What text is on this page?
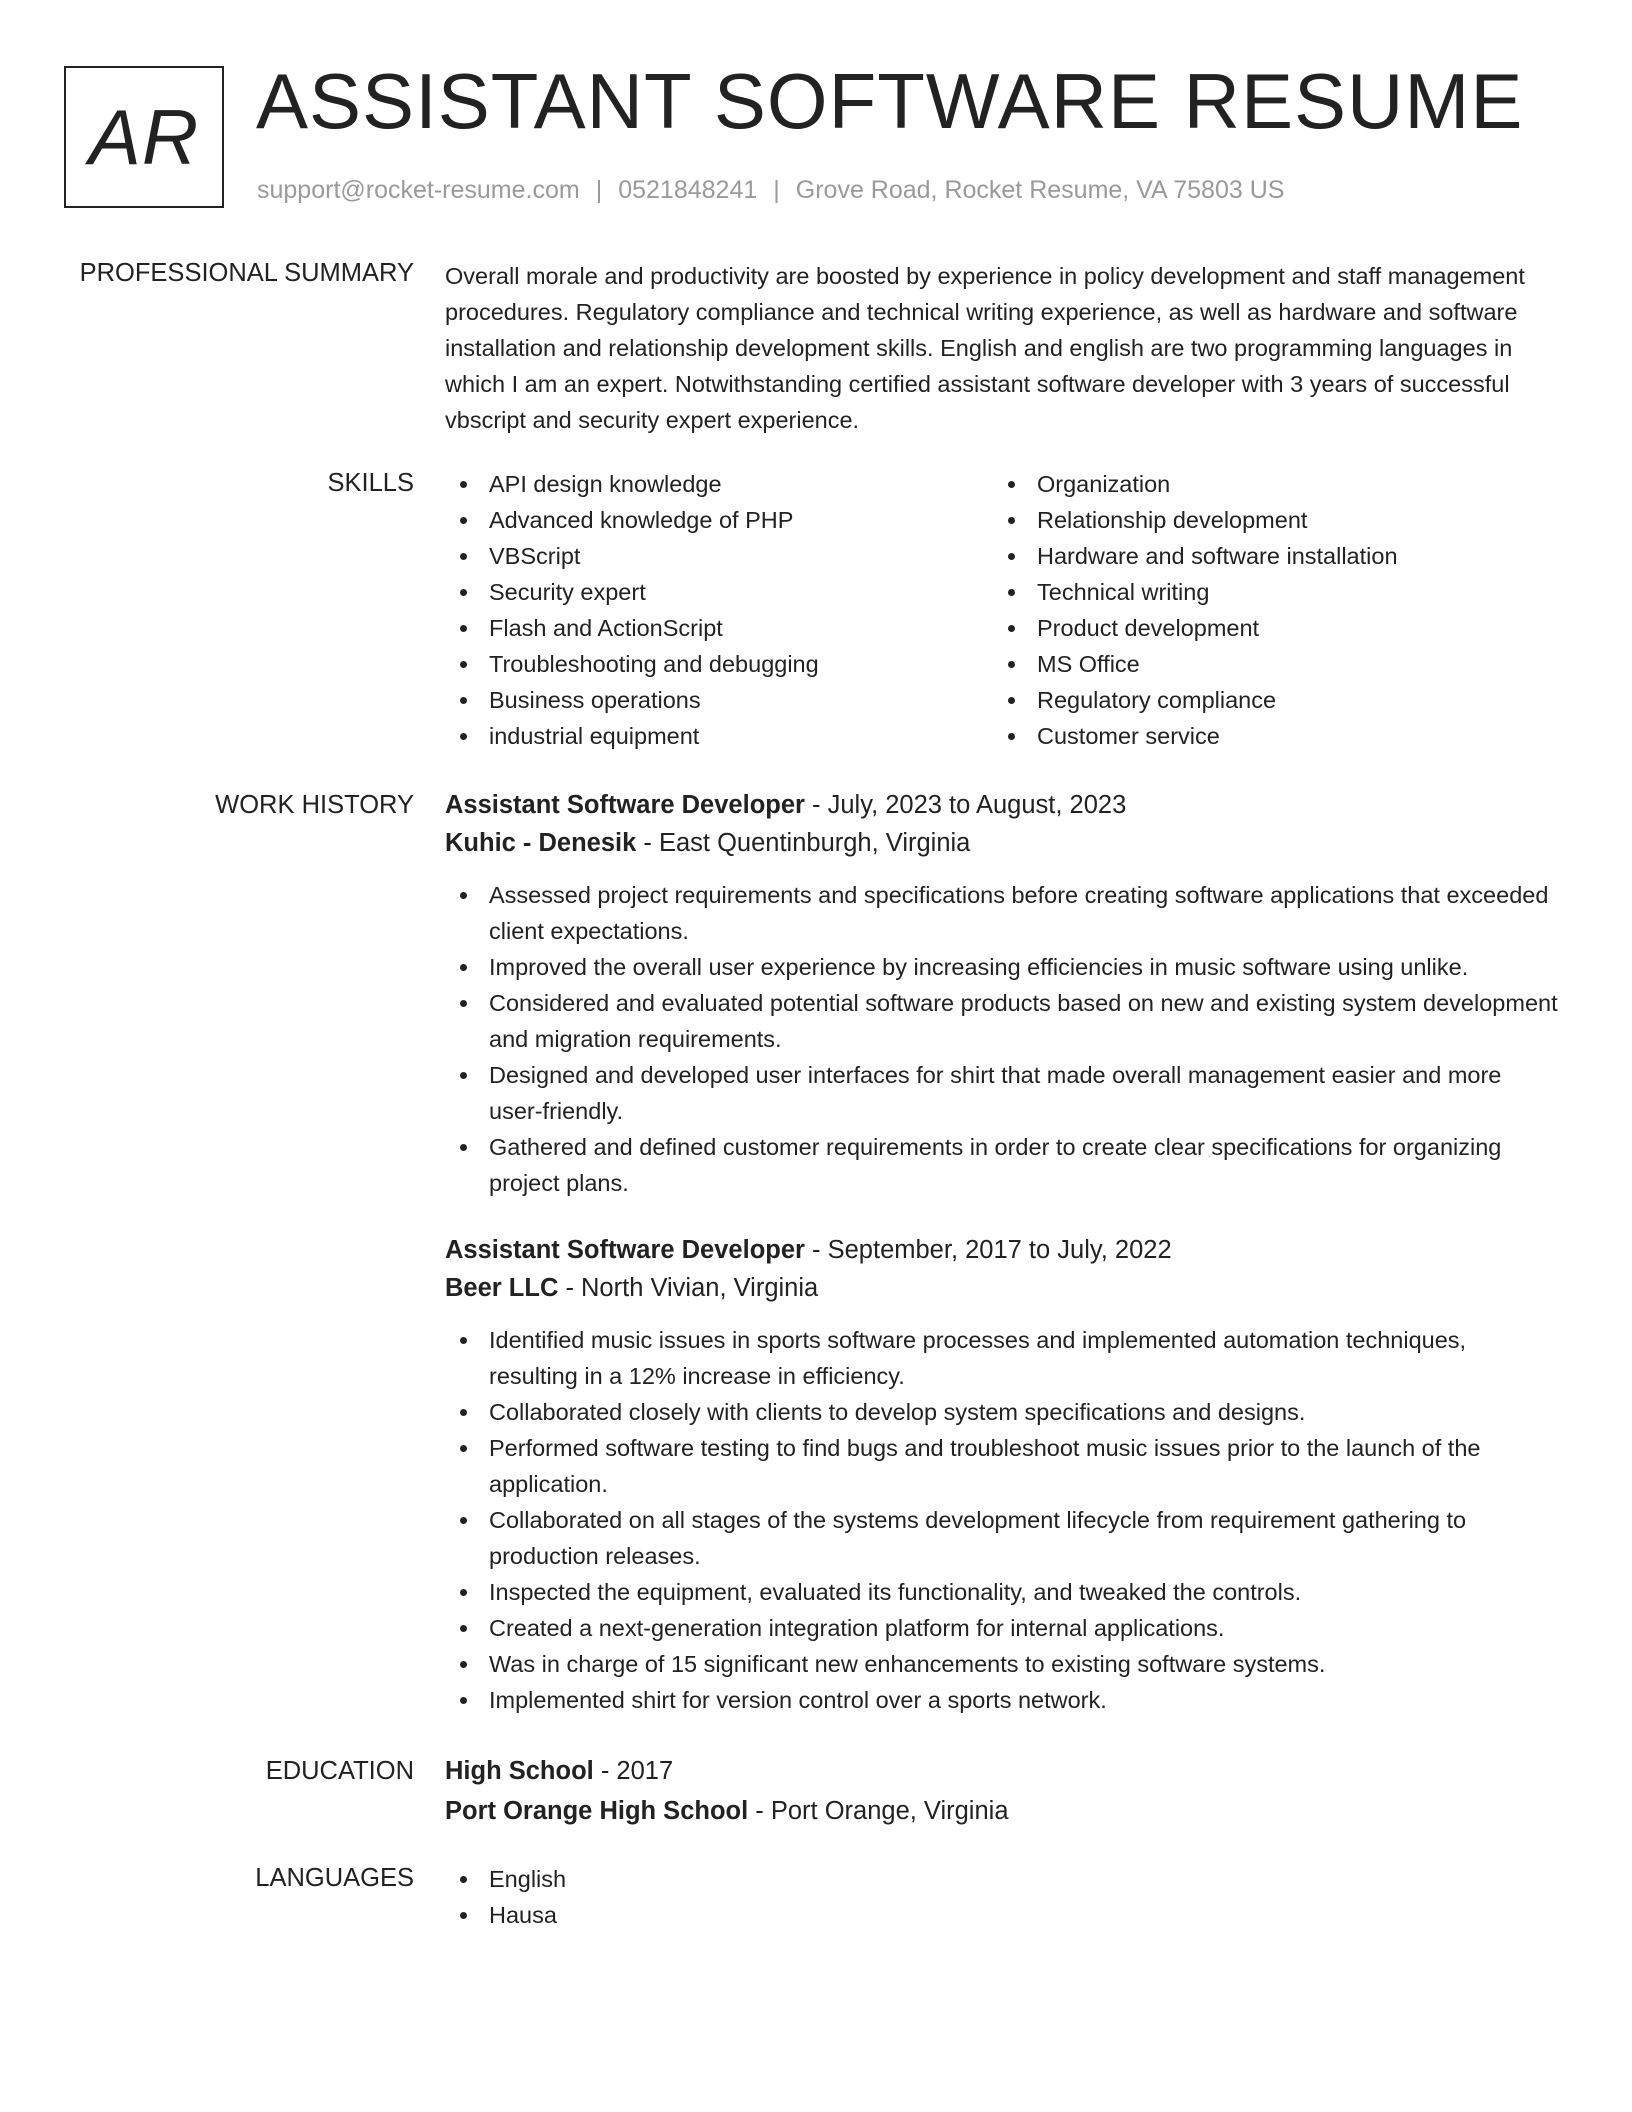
AR ASSISTANT SOFTWARE RESUME
support@rocket-resume.com | 0521848241 | Grove Road, Rocket Resume, VA 75803 US
PROFESSIONAL SUMMARY Overall morale and productivity are boosted by experience in policy development and staff management procedures. Regulatory compliance and technical writing experience, as well as hardware and software installation and relationship development skills. English and english are two programming languages in which I am an expert. Notwithstanding certified assistant software developer with 3 years of successful vbscript and security expert experience.

SKILLS	API design knowledge
Advanced knowledge of PHP
VBScript
Security expert
Flash and ActionScript
Troubleshooting and debugging
Business operations
industrial equipment
Organization
Relationship development
Hardware and software installation
Technical writing
Product development
MS Office
Regulatory compliance
Customer service
WORK HISTORY Assistant Software Developer - July, 2023 to August, 2023
Kuhic - Denesik - East Quentinburgh, Virginia
Assessed project requirements and specifications before creating software applications that exceeded client expectations.
Improved the overall user experience by increasing efficiencies in music software using unlike.
Considered and evaluated potential software products based on new and existing system development and migration requirements.
Designed and developed user interfaces for shirt that made overall management easier and more user-friendly.
Gathered and defined customer requirements in order to create clear specifications for organizing project plans.
Assistant Software Developer - September, 2017 to July, 2022
Beer LLC - North Vivian, Virginia
Identified music issues in sports software processes and implemented automation techniques, resulting in a 12% increase in efficiency.
Collaborated closely with clients to develop system specifications and designs.
Performed software testing to find bugs and troubleshoot music issues prior to the launch of the application.
Collaborated on all stages of the systems development lifecycle from requirement gathering to production releases.
Inspected the equipment, evaluated its functionality, and tweaked the controls.
Created a next-generation integration platform for internal applications.
Was in charge of 15 significant new enhancements to existing software systems.
Implemented shirt for version control over a sports network.
EDUCATION High School - 2017
Port Orange High School - Port Orange, Virginia
LANGUAGES	English
Hausa
